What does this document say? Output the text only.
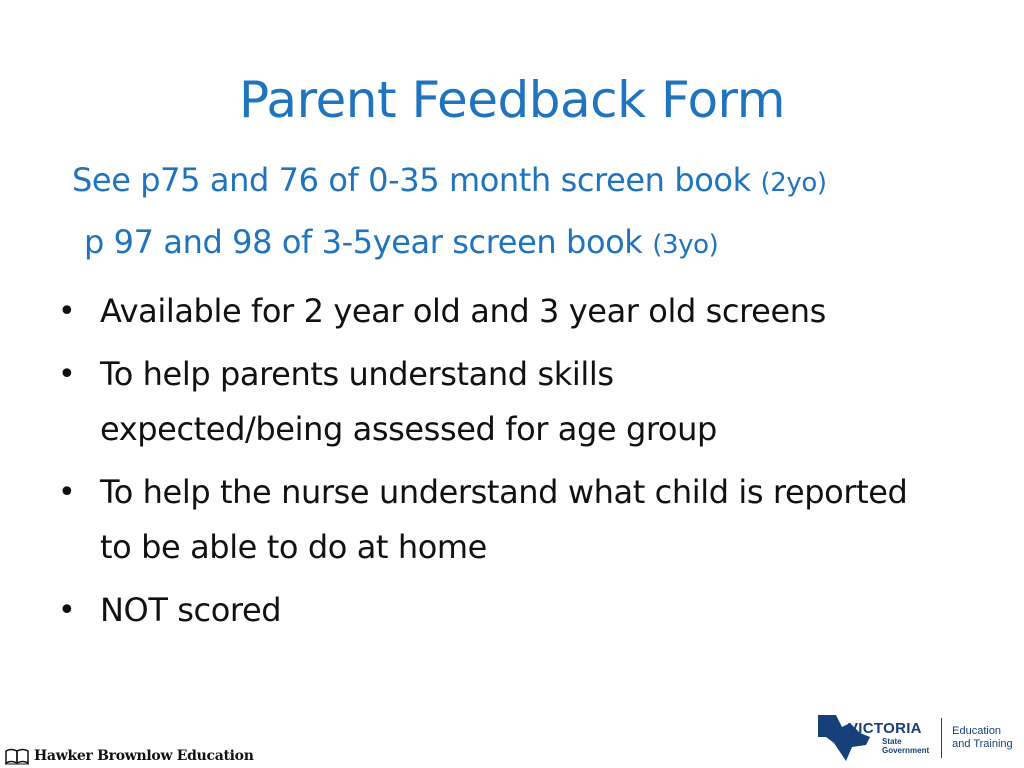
Parent Feedback Form
See p75 and 76 of 0-35 month screen book (2yo)
p 97 and 98 of 3-5year screen book (3yo)
• Available for 2 year old and 3 year old screens
• To help parents understand skills expected/being assessed for age group
• To help the nurse understand what child is reported to be able to do at home
• NOT scored
Hawker Brownlow Education
VICTORIA
State
Government
Education
and Training
